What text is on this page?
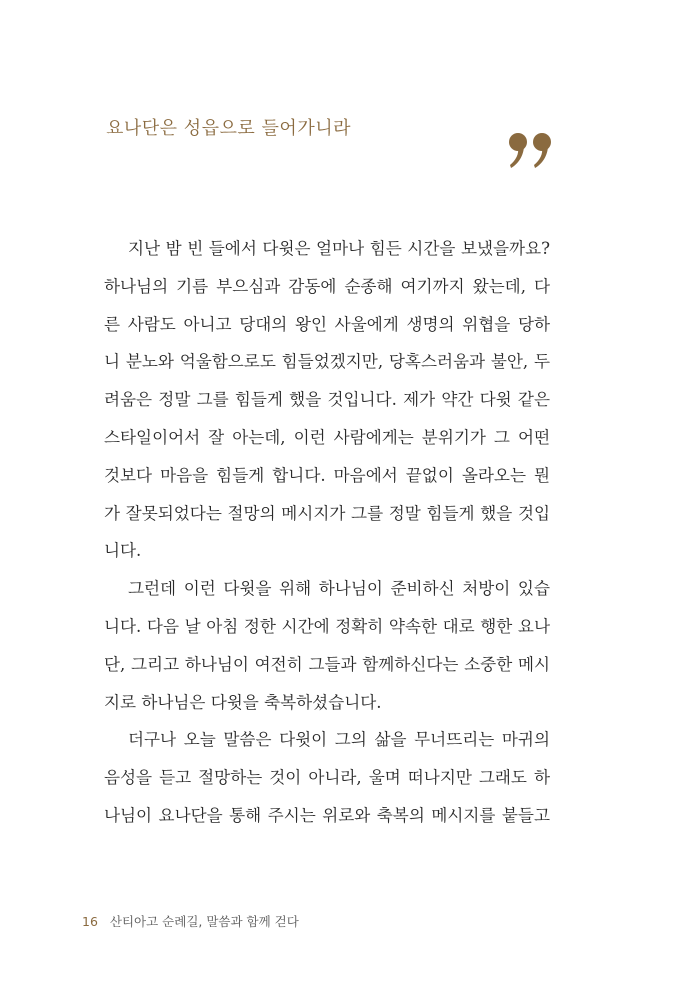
요나단은 성읍으로 들어가니라
지난 밤 빈 들에서 다윗은 얼마나 힘든 시간을 보냈을까요?
하나님의 기름 부으심과 감동에 순종해 여기까지 왔는데, 다
른 사람도 아니고 당대의 왕인 사울에게 생명의 위협을 당하
니 분노와 억울함으로도 힘들었겠지만, 당혹스러움과 불안, 두
려움은 정말 그를 힘들게 했을 것입니다. 제가 약간 다윗 같은
스타일이어서 잘 아는데, 이런 사람에게는 분위기가 그 어떤
것보다 마음을 힘들게 합니다. 마음에서 끝없이 올라오는 뭔
가 잘못되었다는 절망의 메시지가 그를 정말 힘들게 했을 것입
니다.
그런데 이런 다윗을 위해 하나님이 준비하신 처방이 있습
니다. 다음 날 아침 정한 시간에 정확히 약속한 대로 행한 요나
단, 그리고 하나님이 여전히 그들과 함께하신다는 소중한 메시
지로 하나님은 다윗을 축복하셨습니다.
더구나 오늘 말씀은 다윗이 그의 삶을 무너뜨리는 마귀의
음성을 듣고 절망하는 것이 아니라, 울며 떠나지만 그래도 하
나님이 요나단을 통해 주시는 위로와 축복의 메시지를 붙들고
16 산티아고 순례길, 말씀과 함께 걷다
